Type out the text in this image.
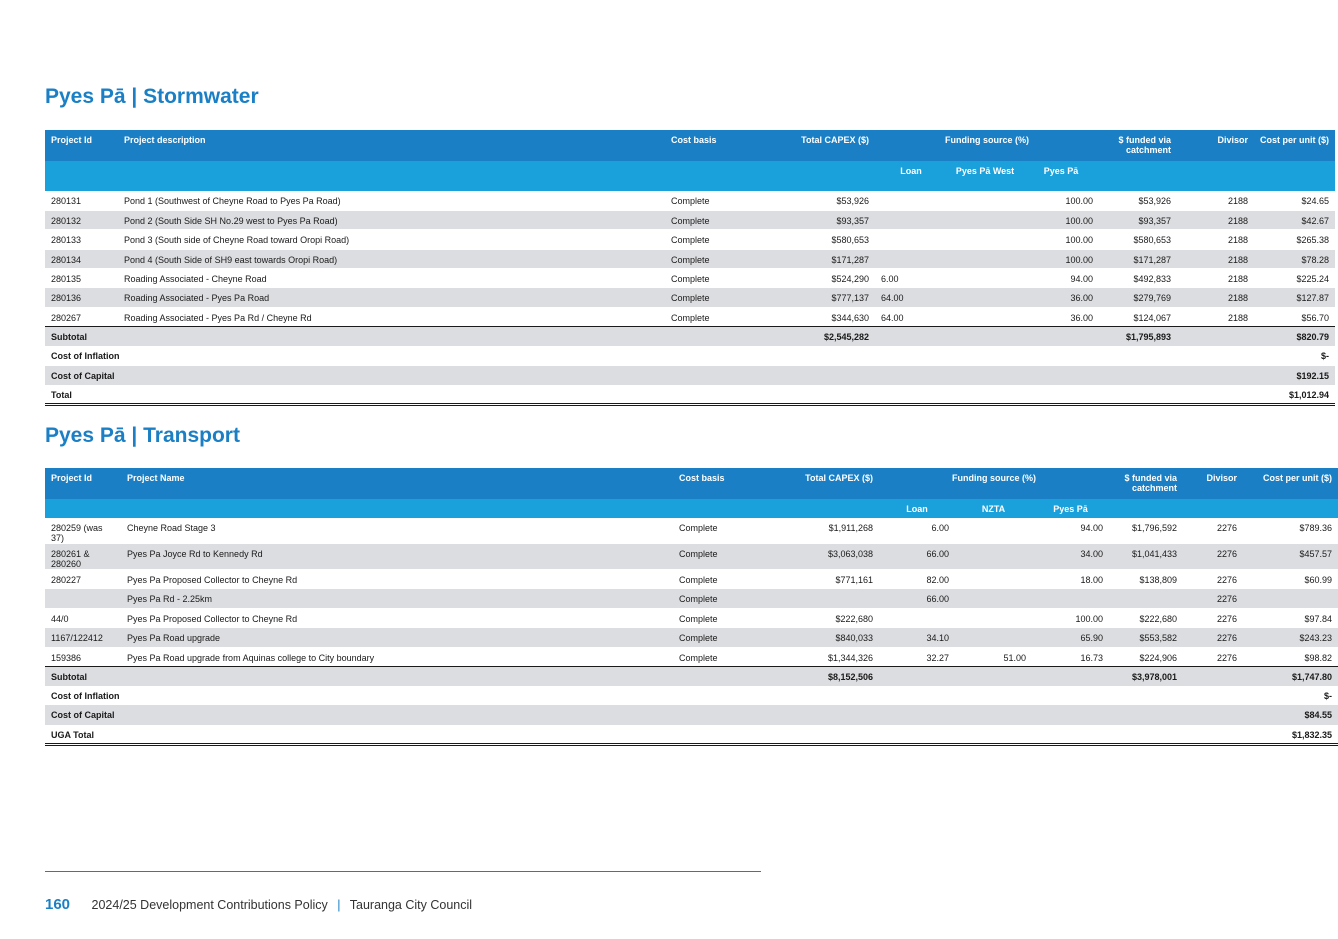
Pyes Pā | Stormwater
Project Id	Project description	Cost basis	Total CAPEX ($)	Funding source (%)			$ funded via catchment	Divisor	Cost per unit ($)
				Loan	Pyes Pā West	Pyes Pā			
280131	Pond 1 (Southwest of Cheyne Road to Pyes Pa Road)	Complete	$53,926			100.00	$53,926	2188	$24.65
280132	Pond 2 (South Side SH No.29 west to Pyes Pa Road)	Complete	$93,357			100.00	$93,357	2188	$42.67
280133	Pond 3 (South side of Cheyne Road toward Oropi Road)	Complete	$580,653			100.00	$580,653	2188	$265.38
280134	Pond 4 (South Side of SH9 east towards Oropi Road)	Complete	$171,287			100.00	$171,287	2188	$78.28
280135	Roading Associated - Cheyne Road	Complete	$524,290	6.00		94.00	$492,833	2188	$225.24
280136	Roading Associated - Pyes Pa Road	Complete	$777,137	64.00		36.00	$279,769	2188	$127.87
280267	Roading Associated - Pyes Pa Rd / Cheyne Rd	Complete	$344,630	64.00		36.00	$124,067	2188	$56.70
Subtotal			$2,545,282				$1,795,893		$820.79
Cost of Inflation									$-
Cost of Capital									$192.15
Total									$1,012.94
Pyes Pā | Transport
Project Id	Project Name	Cost basis	Total CAPEX ($)	Funding source (%)			$ funded via catchment	Divisor	Cost per unit ($)
				Loan	NZTA	Pyes Pā			
280259 (was 37)	Cheyne Road Stage 3	Complete	$1,911,268	6.00		94.00	$1,796,592	2276	$789.36
280261 & 280260	Pyes Pa Joyce Rd to Kennedy Rd	Complete	$3,063,038	66.00		34.00	$1,041,433	2276	$457.57
280227	Pyes Pa Proposed Collector to Cheyne Rd	Complete	$771,161	82.00		18.00	$138,809	2276	$60.99
	Pyes Pa Rd - 2.25km	Complete		66.00				2276	
44/0	Pyes Pa Proposed Collector to Cheyne Rd	Complete	$222,680			100.00	$222,680	2276	$97.84
1167/122412	Pyes Pa Road upgrade	Complete	$840,033	34.10		65.90	$553,582	2276	$243.23
159386	Pyes Pa Road upgrade from Aquinas college to City boundary	Complete	$1,344,326	32.27	51.00	16.73	$224,906	2276	$98.82
Subtotal			$8,152,506				$3,978,001		$1,747.80
Cost of Inflation									$-
Cost of Capital									$84.55
UGA Total									$1,832.35
160 2024/25 Development Contributions Policy | Tauranga City Council
